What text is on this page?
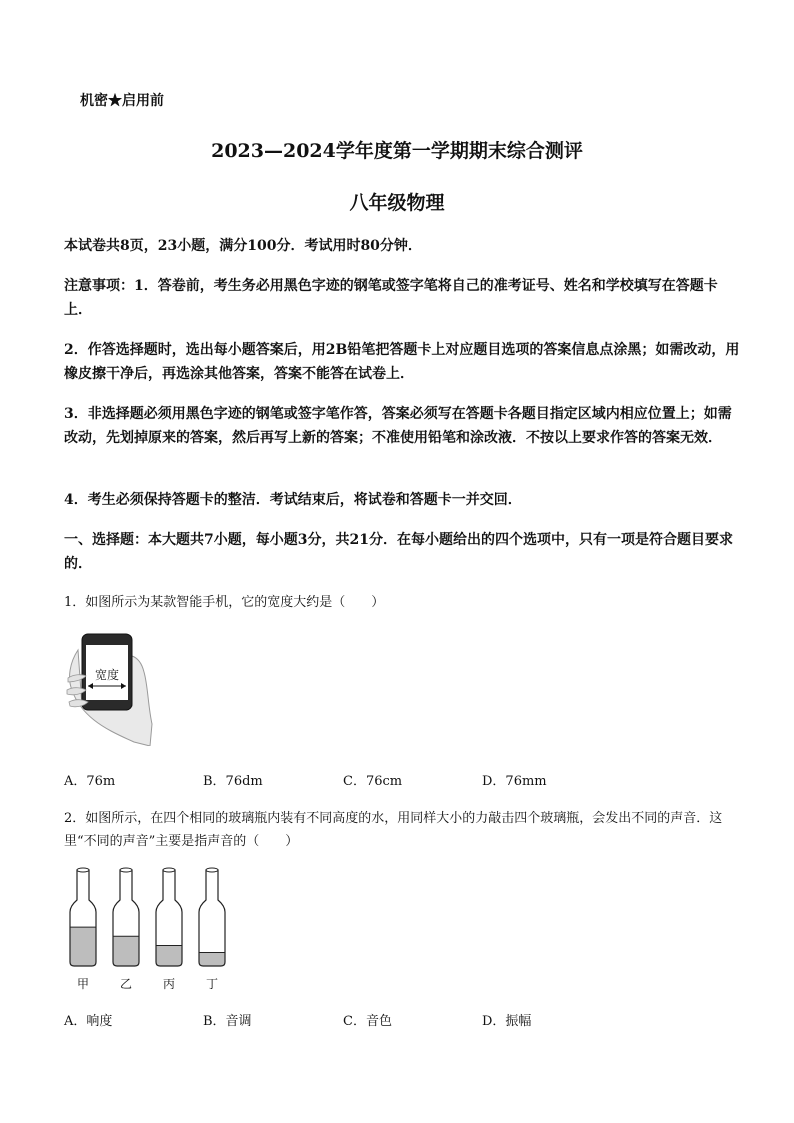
机密★启用前
2023—2024学年度第一学期期末综合测评
八年级物理
本试卷共8页，23小题，满分100分．考试用时80分钟．
注意事项：1．答卷前，考生务必用黑色字迹的钢笔或签字笔将自己的准考证号、姓名和学校填写在答题卡上．
2．作答选择题时，选出每小题答案后，用2B铅笔把答题卡上对应题目选项的答案信息点涂黑；如需改动，用橡皮擦干净后，再选涂其他答案，答案不能答在试卷上．
3．非选择题必须用黑色字迹的钢笔或签字笔作答，答案必须写在答题卡各题目指定区域内相应位置上；如需改动，先划掉原来的答案，然后再写上新的答案；不准使用铅笔和涂改液．不按以上要求作答的答案无效．
4．考生必须保持答题卡的整洁．考试结束后，将试卷和答题卡一并交回．
一、选择题：本大题共7小题，每小题3分，共21分．在每小题给出的四个选项中，只有一项是符合题目要求的．
1．如图所示为某款智能手机，它的宽度大约是（　　）
宽度
A．76m	B．76dm	C．76cm	D．76mm
2．如图所示，在四个相同的玻璃瓶内装有不同高度的水，用同样大小的力敲击四个玻璃瓶，会发出不同的声音．这里“不同的声音”主要是指声音的（　　）
甲	乙	丙	丁
A．响度	B．音调	C．音色	D．振幅
